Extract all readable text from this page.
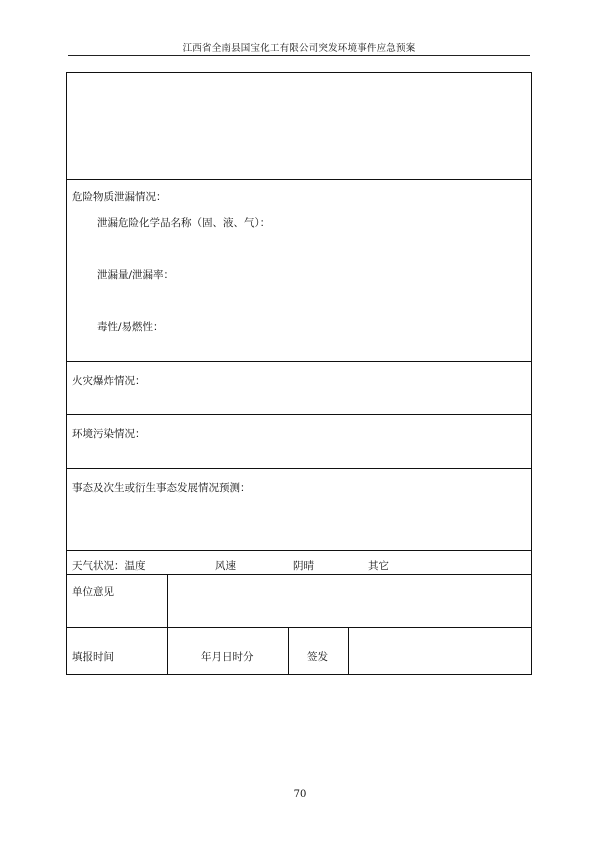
江西省全南县国宝化工有限公司突发环境事件应急预案
危险物质泄漏情况：
泄漏危险化学品名称（固、液、气）：
泄漏量/泄漏率：
毒性/易燃性：
火灾爆炸情况：
环境污染情况：
事态及次生或衍生事态发展情况预测：
天气状况：温度	风速	阴晴	其它
单位意见
填报时间	年月日时分	签发
70
